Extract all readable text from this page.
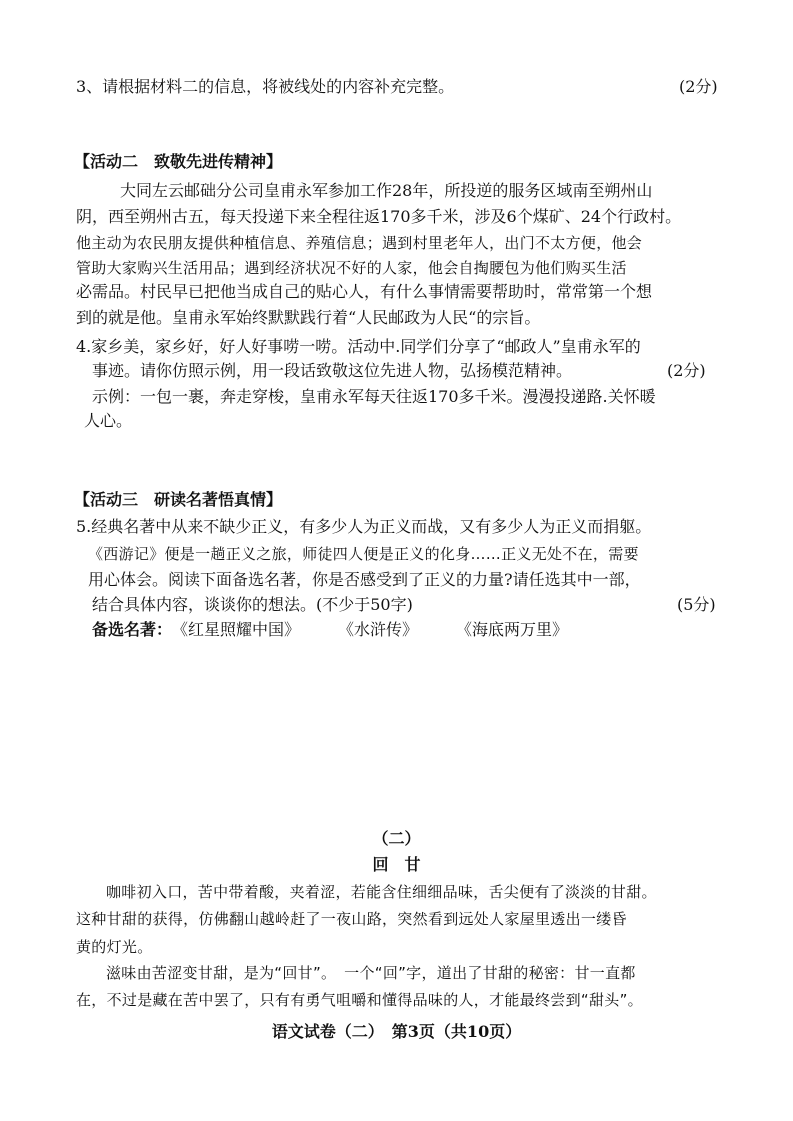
3、请根据材料二的信息，将被线处的内容补充完整。	(2分)
【活动二　致敬先进传精神】
大同左云邮础分公司皇甫永军参加工作28年，所投逆的服务区域南至朔州山
阴，西至朔州古五，每天投递下来全程往返170多千米，涉及6个煤矿、24个行政村。
他主动为农民朋友提供种植信息、养殖信息；遇到村里老年人，出门不太方便，他会
管助大家购兴生活用品；遇到经济状况不好的人家，他会自掏腰包为他们购买生活
必需品。村民早已把他当成自己的贴心人，有什么事情需要帮助时，常常第一个想
到的就是他。皇甫永军始终默默践行着“人民邮政为人民“的宗旨。
4.家乡美，家乡好，好人好事唠一唠。活动中.同学们分享了“邮政人”皇甫永军的
事迹。请你仿照示例，用一段话致敬这位先进人物，弘扬模范精神。	(2分)
示例：一包一裹，奔走穿梭，皇甫永军每天往返170多千米。漫漫投递路.关怀暖
人心。
【活动三　研读名著悟真情】
5.经典名著中从来不缺少正义，有多少人为正义而战，又有多少人为正义而捐躯。
《西游记》便是一趟正义之旅，师徒四人便是正义的化身……正义无处不在，需要
用心体会。阅读下面备选名著，你是否感受到了正义的力量?请任选其中一部，
结合具体内容，谈谈你的想法。(不少于50字)	(5分)
备选名著：《红星照耀中国》 《水浒传》 《海底两万里》
（二）
回　甘
咖啡初入口，苦中带着酸，夹着涩，若能含住细细品味，舌尖便有了淡淡的甘甜。
这种甘甜的获得，仿佛翻山越岭赶了一夜山路，突然看到远处人家屋里透出一缕昏
黄的灯光。
滋味由苦涩变甘甜，是为“回甘”。　一个“回”字，道出了甘甜的秘密：甘一直都
在，不过是藏在苦中罢了，只有有勇气咀嚼和懂得品味的人，才能最终尝到“甜头”。
语文试卷（二）　第3页（共10页）
